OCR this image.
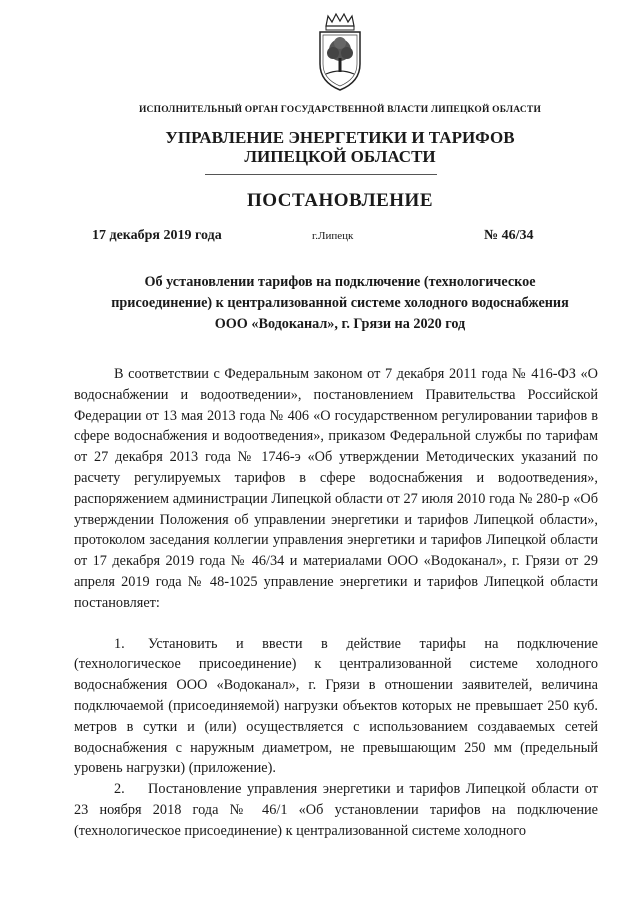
ИСПОЛНИТЕЛЬНЫЙ ОРГАН ГОСУДАРСТВЕННОЙ ВЛАСТИ ЛИПЕЦКОЙ ОБЛАСТИ
УПРАВЛЕНИЕ ЭНЕРГЕТИКИ И ТАРИФОВ
ЛИПЕЦКОЙ ОБЛАСТИ
ПОСТАНОВЛЕНИЕ
17 декабря 2019 года	г.Липецк	№ 46/34
Об установлении тарифов на подключение (технологическое
присоединение) к централизованной системе холодного водоснабжения
ООО «Водоканал», г. Грязи на 2020 год

В соответствии с Федеральным законом от 7 декабря 2011 года № 416-ФЗ «О водоснабжении и водоотведении», постановлением Правительства Российской Федерации от 13 мая 2013 года № 406 «О государственном регулировании тарифов в сфере водоснабжения и водоотведения», приказом Федеральной службы по тарифам от 27 декабря 2013 года № 1746-э «Об утверждении Методических указаний по расчету регулируемых тарифов в сфере водоснабжения и водоотведения», распоряжением администрации Липецкой области от 27 июля 2010 года № 280-р «Об утверждении Положения об управлении энергетики и тарифов Липецкой области», протоколом заседания коллегии управления энергетики и тарифов Липецкой области от 17 декабря 2019 года № 46/34 и материалами ООО «Водоканал», г. Грязи от 29 апреля 2019 года № 48-1025 управление энергетики и тарифов Липецкой области постановляет:

1. Установить и ввести в действие тарифы на подключение (технологическое присоединение) к централизованной системе холодного водоснабжения ООО «Водоканал», г. Грязи в отношении заявителей, величина подключаемой (присоединяемой) нагрузки объектов которых не превышает 250 куб. метров в сутки и (или) осуществляется с использованием создаваемых сетей водоснабжения с наружным диаметром, не превышающим 250 мм (предельный уровень нагрузки) (приложение).

2. Постановление управления энергетики и тарифов Липецкой области от 23 ноября 2018 года № 46/1 «Об установлении тарифов на подключение (технологическое присоединение) к централизованной системе холодного
